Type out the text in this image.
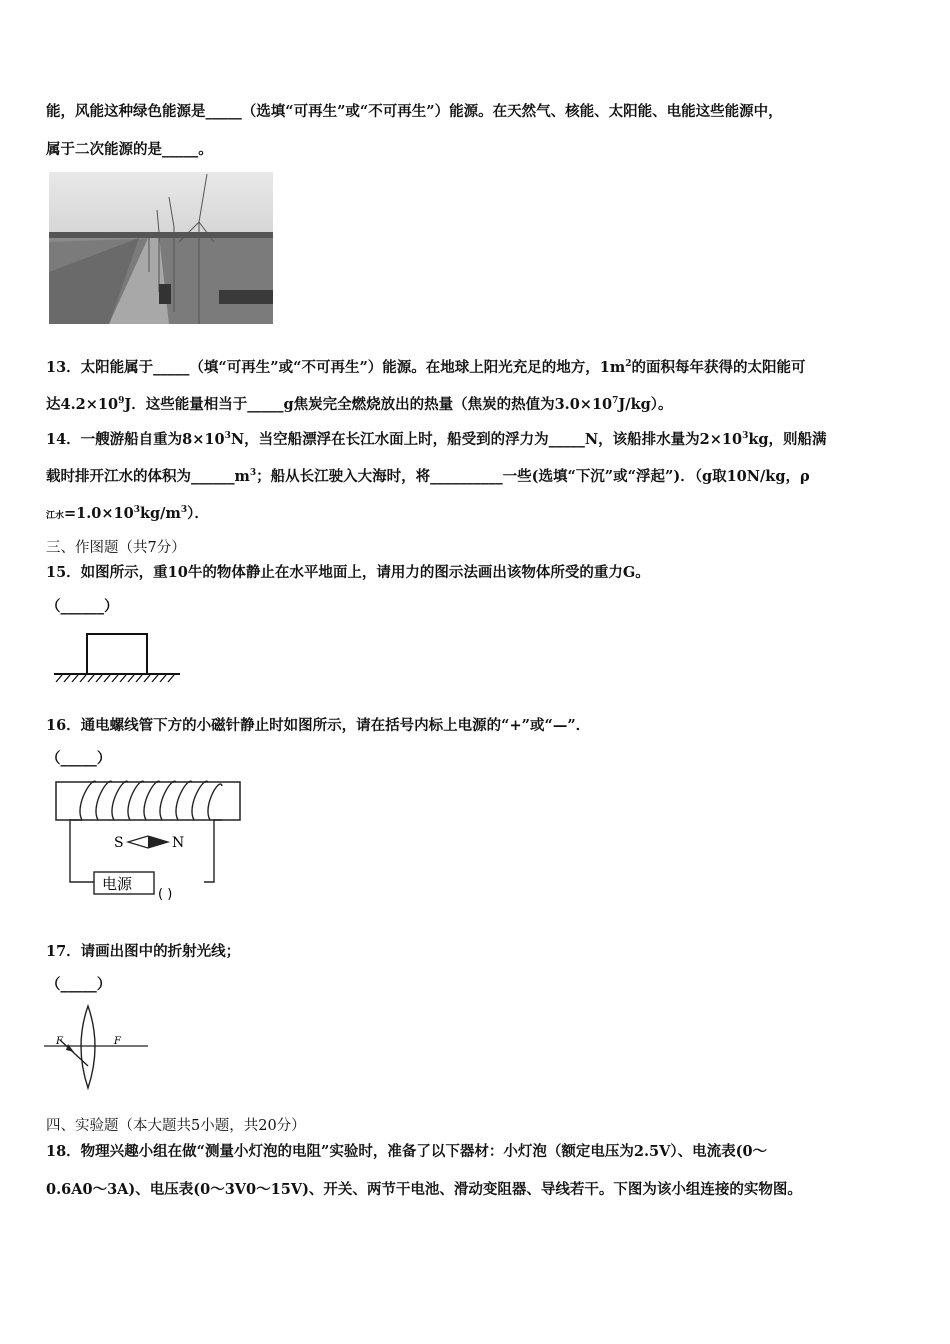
能，风能这种绿色能源是_____（选填“可再生”或“不可再生”）能源。在天然气、核能、太阳能、电能这些能源中，
属于二次能源的是_____。
13．太阳能属于_____（填“可再生”或“不可再生”）能源。在地球上阳光充足的地方，$1m^2$的面积每年获得的太阳能可
达$4.2\times 10^9J$．这些能量相当于_____g焦炭完全燃烧放出的热量（焦炭的热值为$3.0\times 10^7J/kg$）。
14．一艘游船自重为$8\times 10^3N$，当空船漂浮在长江水面上时，船受到的浮力为_____N，该船排水量为$2\times 10^3kg$，则船满
载时排开江水的体积为$\_\_\_\_\_\_m^3$；船从长江驶入大海时，将__________一些(选填“下沉”或“浮起”)．（g取10N/kg，ρ
江水$=1.0\times 10^3kg/m^3$）．
三、作图题（共7分）
15．如图所示，重10牛的物体静止在水平地面上，请用力的图示法画出该物体所受的重力G。
（______）
16．通电螺线管下方的小磁针静止时如图所示，请在括号内标上电源的“+”或“—”．
（_____）
电源
( )
S	N
17．请画出图中的折射光线；
（_____）
F	F
四、实验题（本大题共5小题，共20分）
18．物理兴趣小组在做“测量小灯泡的电阻”实验时，准备了以下器材：小灯泡（额定电压为2.5V）、电流表(0～
0.6A0～3A)、电压表(0～3V0～15V)、开关、两节干电池、滑动变阻器、导线若干。下图为该小组连接的实物图。
